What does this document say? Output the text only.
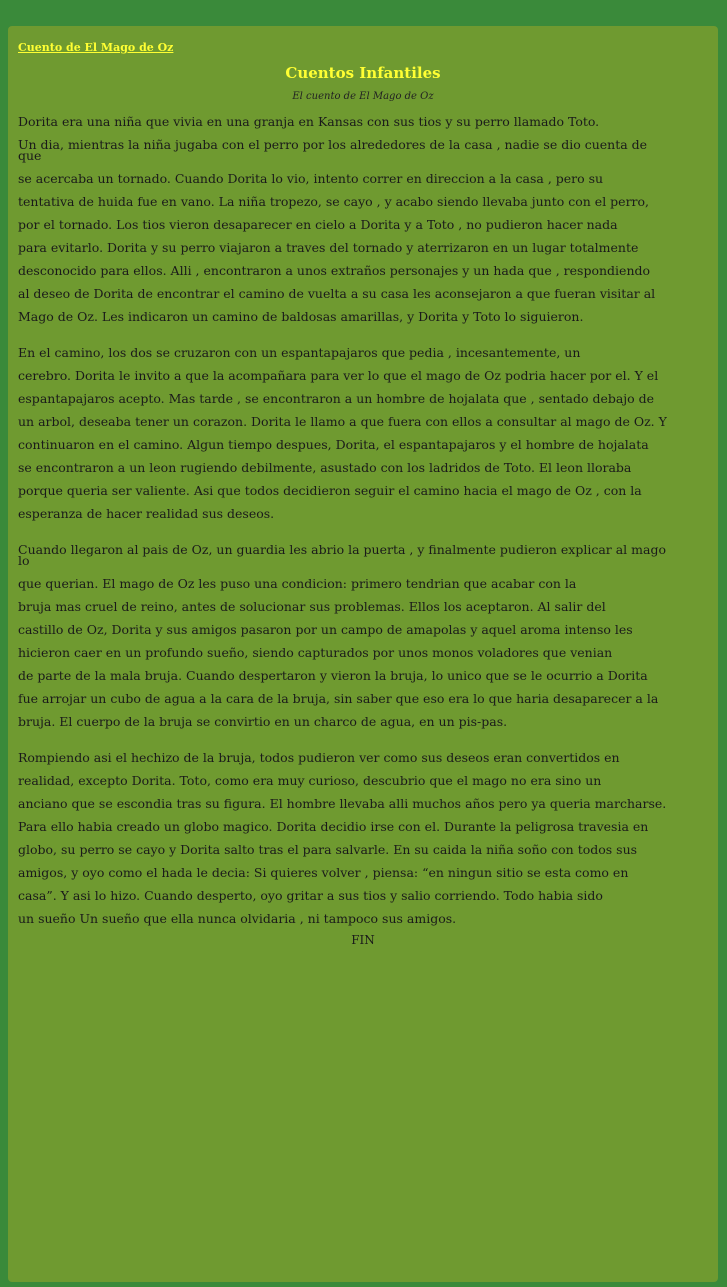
Cuento de El Mago de Oz
Cuentos Infantiles
El cuento de El Mago de Oz
Dorita era una niña que vivia en una granja en Kansas con sus tios y su perro llamado Toto.
Un dia, mientras la niña jugaba con el perro por los alrededores de la casa , nadie se dio cuenta de que
se acercaba un tornado. Cuando Dorita lo vio, intento correr en direccion a la casa , pero su
tentativa de huida fue en vano. La niña tropezo, se cayo , y acabo siendo llevaba junto con el perro,
por el tornado. Los tios vieron desaparecer en cielo a Dorita y a Toto , no pudieron hacer nada
para evitarlo. Dorita y su perro viajaron a traves del tornado y aterrizaron en un lugar totalmente
desconocido para ellos. Alli , encontraron a unos extraños personajes y un hada que , respondiendo
al deseo de Dorita de encontrar el camino de vuelta a su casa les aconsejaron a que fueran visitar al
Mago de Oz. Les indicaron un camino de baldosas amarillas, y Dorita y Toto lo siguieron.
En el camino, los dos se cruzaron con un espantapajaros que pedia , incesantemente, un
cerebro. Dorita le invito a que la acompañara para ver lo que el mago de Oz podria hacer por el. Y el
espantapajaros acepto. Mas tarde , se encontraron a un hombre de hojalata que , sentado debajo de
un arbol, deseaba tener un corazon. Dorita le llamo a que fuera con ellos a consultar al mago de Oz. Y
continuaron en el camino. Algun tiempo despues, Dorita, el espantapajaros y el hombre de hojalata
se encontraron a un leon rugiendo debilmente, asustado con los ladridos de Toto. El leon lloraba
porque queria ser valiente. Asi que todos decidieron seguir el camino hacia el mago de Oz , con la
esperanza de hacer realidad sus deseos.
Cuando llegaron al pais de Oz, un guardia les abrio la puerta , y finalmente pudieron explicar al mago lo
que querian. El mago de Oz les puso una condicion: primero tendrian que acabar con la
bruja mas cruel de reino, antes de solucionar sus problemas. Ellos los aceptaron. Al salir del
castillo de Oz, Dorita y sus amigos pasaron por un campo de amapolas y aquel aroma intenso les
hicieron caer en un profundo sueño, siendo capturados por unos monos voladores que venian
de parte de la mala bruja. Cuando despertaron y vieron la bruja, lo unico que se le ocurrio a Dorita
fue arrojar un cubo de agua a la cara de la bruja, sin saber que eso era lo que haria desaparecer a la
bruja. El cuerpo de la bruja se convirtio en un charco de agua, en un pis-pas.
Rompiendo asi el hechizo de la bruja, todos pudieron ver como sus deseos eran convertidos en
realidad, excepto Dorita. Toto, como era muy curioso, descubrio que el mago no era sino un
anciano que se escondia tras su figura. El hombre llevaba alli muchos años pero ya queria marcharse.
Para ello habia creado un globo magico. Dorita decidio irse con el. Durante la peligrosa travesia en
globo, su perro se cayo y Dorita salto tras el para salvarle. En su caida la niña soño con todos sus
amigos, y oyo como el hada le decia: Si quieres volver , piensa: “en ningun sitio se esta como en
casa”. Y asi lo hizo. Cuando desperto, oyo gritar a sus tios y salio corriendo. Todo habia sido
un sueño Un sueño que ella nunca olvidaria , ni tampoco sus amigos.
FIN
